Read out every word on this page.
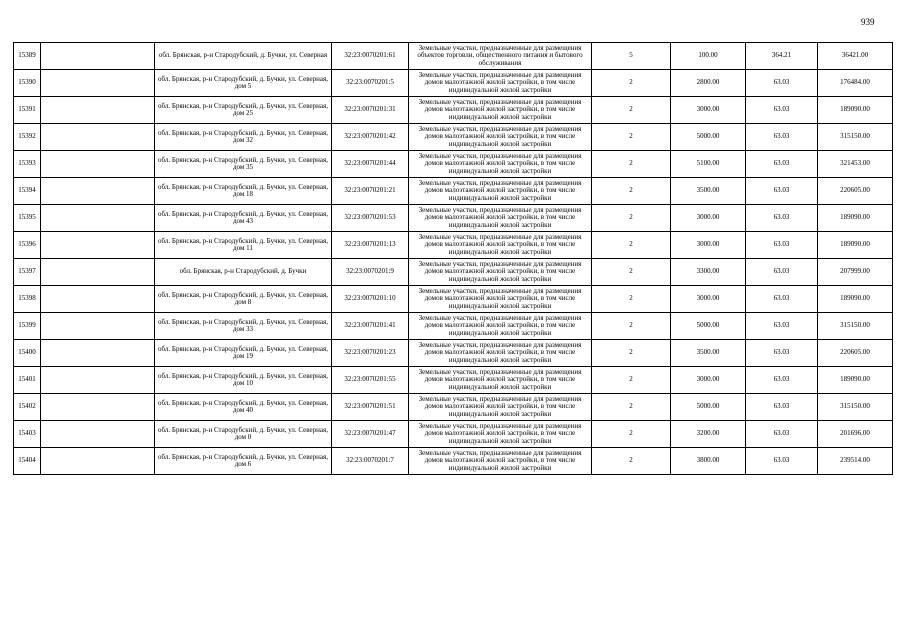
939
15389		обл. Брянская, р-н Стародубский, д. Бучки, ул. Северная	32:23:0070201:61	Земельные участки, предназначенные для размещения объектов торговли, общественного питания и бытового обслуживания	5	100.00	364.21	36421.00
15390		обл. Брянская, р-н Стародубский, д. Бучки, ул. Северная, дом 5	32:23:0070201:5	Земельные участки, предназначенные для размещения домов малоэтажной жилой застройки, в том числе индивидуальной жилой застройки	2	2800.00	63.03	176484.00
15391		обл. Брянская, р-н Стародубский, д. Бучки, ул. Северная, дом 25	32:23:0070201:31	Земельные участки, предназначенные для размещения домов малоэтажной жилой застройки, в том числе индивидуальной жилой застройки	2	3000.00	63.03	189090.00
15392		обл. Брянская, р-н Стародубский, д. Бучки, ул. Северная, дом 32	32:23:0070201:42	Земельные участки, предназначенные для размещения домов малоэтажной жилой застройки, в том числе индивидуальной жилой застройки	2	5000.00	63.03	315150.00
15393		обл. Брянская, р-н Стародубский, д. Бучки, ул. Северная, дом 35	32:23:0070201:44	Земельные участки, предназначенные для размещения домов малоэтажной жилой застройки, в том числе индивидуальной жилой застройки	2	5100.00	63.03	321453.00
15394		обл. Брянская, р-н Стародубский, д. Бучки, ул. Северная, дом 18	32:23:0070201:21	Земельные участки, предназначенные для размещения домов малоэтажной жилой застройки, в том числе индивидуальной жилой застройки	2	3500.00	63.03	220605.00
15395		обл. Брянская, р-н Стародубский, д. Бучки, ул. Северная, дом 43	32:23:0070201:53	Земельные участки, предназначенные для размещения домов малоэтажной жилой застройки, в том числе индивидуальной жилой застройки	2	3000.00	63.03	189090.00
15396		обл. Брянская, р-н Стародубский, д. Бучки, ул. Северная, дом 11	32:23:0070201:13	Земельные участки, предназначенные для размещения домов малоэтажной жилой застройки, в том числе индивидуальной жилой застройки	2	3000.00	63.03	189090.00
15397		обл. Брянская, р-н Стародубский, д. Бучки	32:23:0070201:9	Земельные участки, предназначенные для размещения домов малоэтажной жилой застройки, в том числе индивидуальной жилой застройки	2	3300.00	63.03	207999.00
15398		обл. Брянская, р-н Стародубский, д. Бучки, ул. Северная, дом 8	32:23:0070201:10	Земельные участки, предназначенные для размещения домов малоэтажной жилой застройки, в том числе индивидуальной жилой застройки	2	3000.00	63.03	189090.00
15399		обл. Брянская, р-н Стародубский, д. Бучки, ул. Северная, дом 33	32:23:0070201:41	Земельные участки, предназначенные для размещения домов малоэтажной жилой застройки, в том числе индивидуальной жилой застройки	2	5000.00	63.03	315150.00
15400		обл. Брянская, р-н Стародубский, д. Бучки, ул. Северная, дом 19	32:23:0070201:23	Земельные участки, предназначенные для размещения домов малоэтажной жилой застройки, в том числе индивидуальной жилой застройки	2	3500.00	63.03	220605.00
15401		обл. Брянская, р-н Стародубский, д. Бучки, ул. Северная, дом 10	32:23:0070201:55	Земельные участки, предназначенные для размещения домов малоэтажной жилой застройки, в том числе индивидуальной жилой застройки	2	3000.00	63.03	189090.00
15402		обл. Брянская, р-н Стародубский, д. Бучки, ул. Северная, дом 40	32:23:0070201:51	Земельные участки, предназначенные для размещения домов малоэтажной жилой застройки, в том числе индивидуальной жилой застройки	2	5000.00	63.03	315150.00
15403		обл. Брянская, р-н Стародубский, д. Бучки, ул. Северная, дом 0	32:23:0070201:47	Земельные участки, предназначенные для размещения домов малоэтажной жилой застройки, в том числе индивидуальной жилой застройки	2	3200.00	63.03	201696.00
15404		обл. Брянская, р-н Стародубский, д. Бучки, ул. Северная, дом 6	32:23:0070201:7	Земельные участки, предназначенные для размещения домов малоэтажной жилой застройки, в том числе индивидуальной жилой застройки	2	3800.00	63.03	239514.00
